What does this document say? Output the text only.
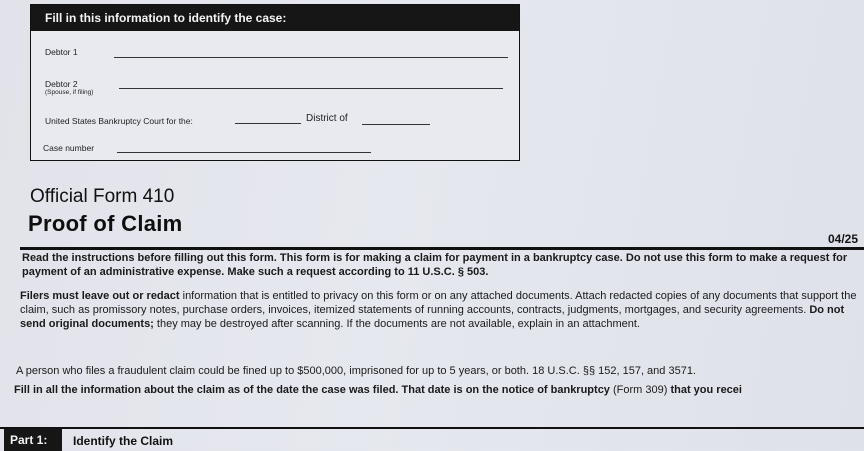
Fill in this information to identify the case:
Debtor 1
Debtor 2
(Spouse, if filing)
United States Bankruptcy Court for the:	District of
Case number
Official Form 410
Proof of Claim
04/25
Read the instructions before filling out this form. This form is for making a claim for payment in a bankruptcy case. Do not use this form to make a request for payment of an administrative expense. Make such a request according to 11 U.S.C. § 503.
Filers must leave out or redact information that is entitled to privacy on this form or on any attached documents. Attach redacted copies of any documents that support the claim, such as promissory notes, purchase orders, invoices, itemized statements of running accounts, contracts, judgments, mortgages, and security agreements. Do not send original documents; they may be destroyed after scanning. If the documents are not available, explain in an attachment.
A person who files a fraudulent claim could be fined up to $500,000, imprisoned for up to 5 years, or both. 18 U.S.C. §§ 152, 157, and 3571.
Fill in all the information about the claim as of the date the case was filed. That date is on the notice of bankruptcy (Form 309) that you recei
Part 1:	Identify the Claim
